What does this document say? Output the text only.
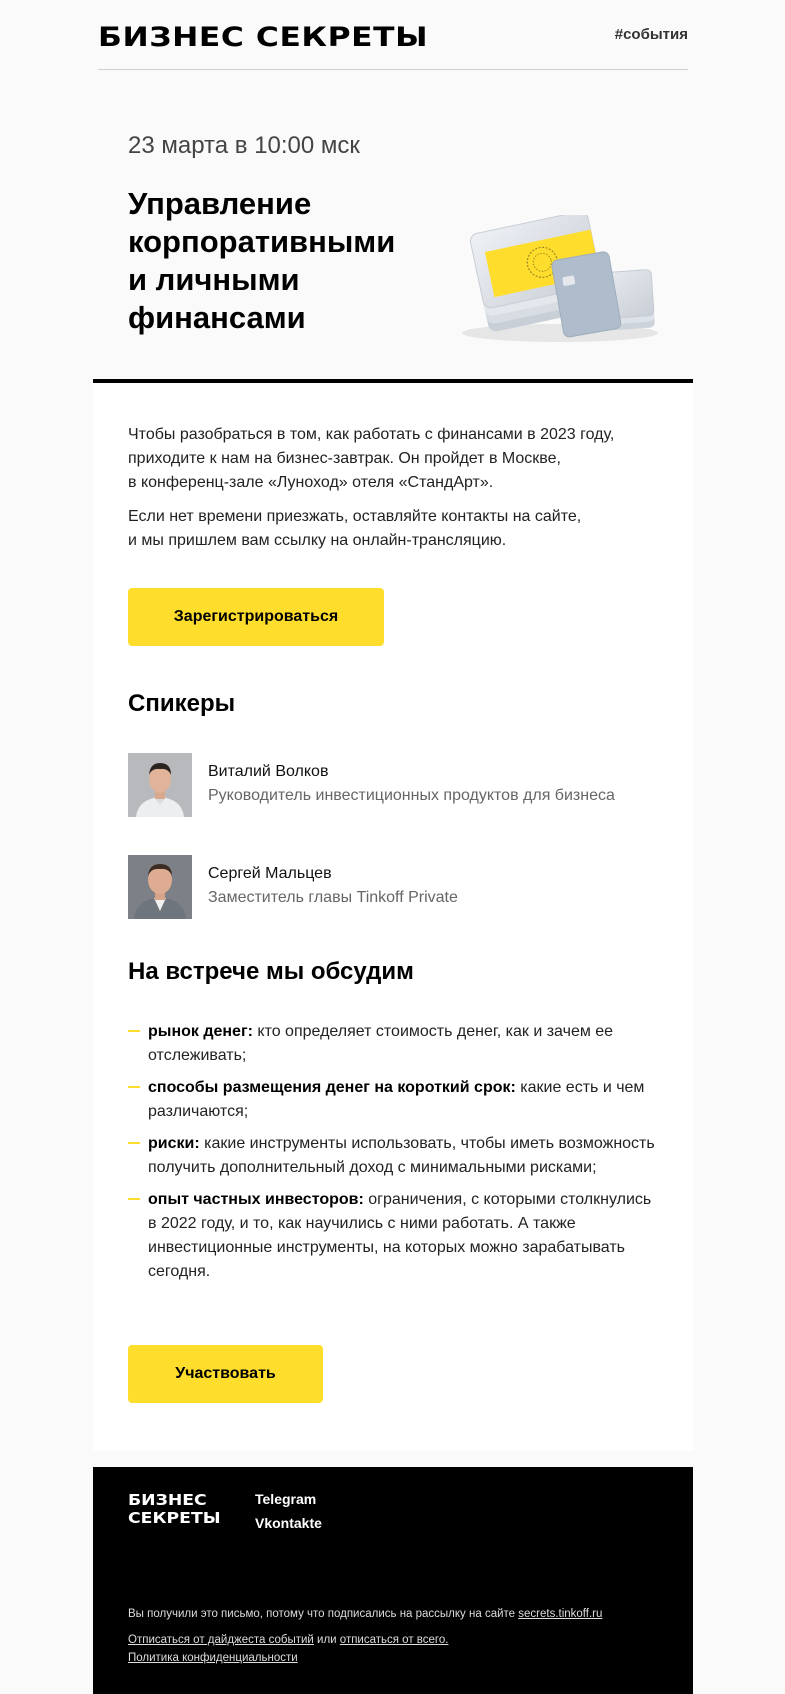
БИЗНЕС СЕКРЕТЫ	#события
23 марта в 10:00 мск
Управление
корпоративными
и личными
финансами

Чтобы разобраться в том, как работать с финансами в 2023 году,
приходите к нам на бизнес-завтрак. Он пройдет в Москве,
в конференц-зале «Луноход» отеля «СтандАрт».

Если нет времени приезжать, оставляйте контакты на сайте,
и мы пришлем вам ссылку на онлайн-трансляцию.

Зарегистрироваться
Спикеры
Виталий Волков
Руководитель инвестиционных продуктов для бизнеса
Сергей Мальцев
Заместитель главы Tinkoff Private
На встрече мы обсудим
рынок денег: кто определяет стоимость денег, как и зачем ее отслеживать;
способы размещения денег на короткий срок: какие есть и чем различаются;
риски: какие инструменты использовать, чтобы иметь возможность получить дополнительный доход с минимальными рисками;
опыт частных инвесторов: ограничения, с которыми столкнулись в 2022 году, и то, как научились с ними работать. А также инвестиционные инструменты, на которых можно зарабатывать сегодня.
Участвовать
БИЗНЕС
СЕКРЕТЫ
Telegram
Vkontakte
Вы получили это письмо, потому что подписались на рассылку на сайте secrets.tinkoff.ru
Отписаться от дайджеста событий или отписаться от всего.
Политика конфиденциальности
